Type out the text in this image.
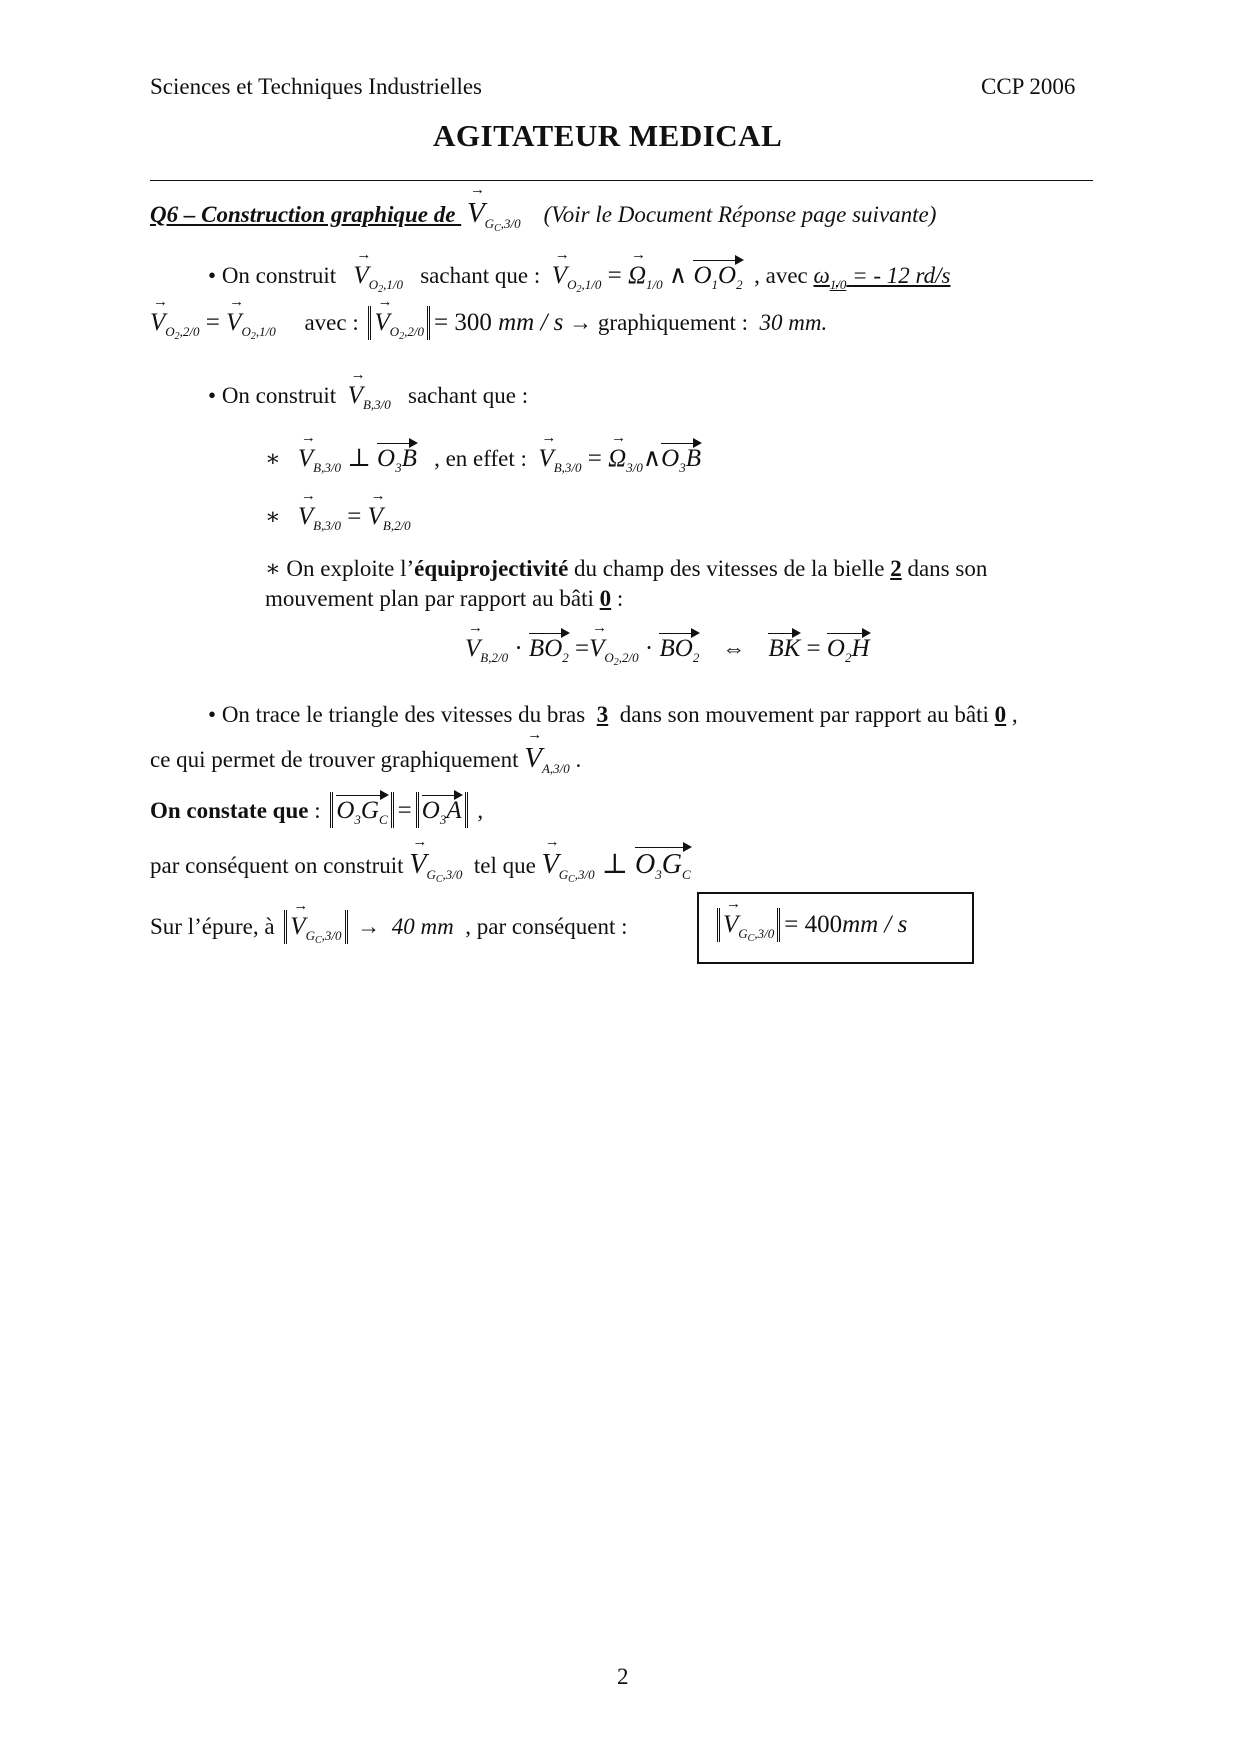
Sciences et Techniques Industrielles	CCP 2006
AGITATEUR MEDICAL
Q6 – Construction graphique de → $V_{G_C,3/0}$ (Voir le Document Réponse page suivante)
• On construit → $V_{O_2,1/0}$ sachant que : → $V_{O_2,1/0}$ = → $\Omega_{1/0}$ ∧ $O_1O_2$ , avec $\omega_{1/0}$ = - 12 rd/s
→ $V_{O_2,2/0}$ = → $V_{O_2,1/0}$ avec : → $V_{O_2,2/0} = 300$ mm / s → graphiquement : 30 mm.
• On construit → $V_{B,3/0}$ sachant que :
∗ → $V_{B,3/0}$ ⊥ $O_3B$ , en effet : → $V_{B,3/0}$ = → $\Omega_{3/0}\wedge O_3B$
∗ → $V_{B,3/0}$ = → $V_{B,2/0}$
∗ On exploite l’équiprojectivité du champ des vitesses de la bielle 2 dans son
mouvement plan par rapport au bâti 0 :
→ $V_{B,2/0} \cdot BO_2 =\to V_{O_2,2/0} \cdot BO_2$ ⇔ BK = $O_2H$
• On trace le triangle des vitesses du bras  3  dans son mouvement par rapport au bâti 0 ,
ce qui permet de trouver graphiquement → $V_{A,3/0}$ .
On constate que : $O_3G_C = O_3A$ ,
par conséquent on construit → $V_{G_C,3/0}$ tel que → $V_{G_C,3/0}$ ⊥ $O_3G_C$
Sur l’épure, à → $V_{G_C,3/0} \to 40$ mm , par conséquent :	→ $V_{G_C,3/0} = 400mm / s$
2
